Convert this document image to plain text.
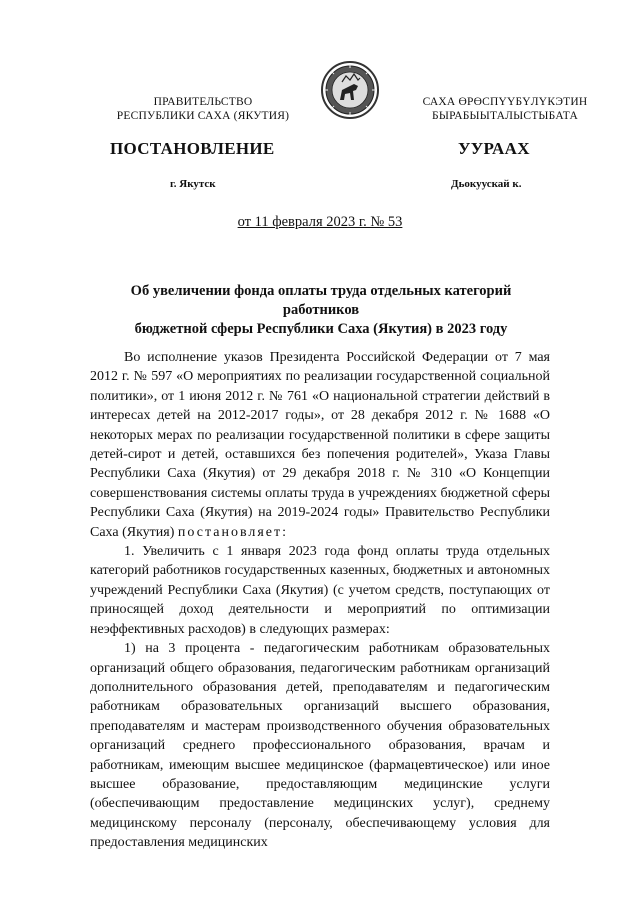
ПРАВИТЕЛЬСТВО
РЕСПУБЛИКИ САХА (ЯКУТИЯ)
САХА ӨРӨСПҮҮБҮЛҮКЭТИН
БЫРАБЫЫТАЛЫСТЫБАТА
ПОСТАНОВЛЕНИЕ	УУРААХ
г. Якутск	Дьокуускай к.
от 11 февраля 2023 г. № 53
Об увеличении фонда оплаты труда отдельных категорий работников
бюджетной сферы Республики Саха (Якутия) в 2023 году

Во исполнение указов Президента Российской Федерации от 7 мая 2012 г. № 597 «О мероприятиях по реализации государственной социальной политики», от 1 июня 2012 г. № 761 «О национальной стратегии действий в интересах детей на 2012-2017 годы», от 28 декабря 2012 г. № 1688 «О некоторых мерах по реализации государственной политики в сфере защиты детей-сирот и детей, оставшихся без попечения родителей», Указа Главы Республики Саха (Якутия) от 29 декабря 2018 г. № 310 «О Концепции совершенствования системы оплаты труда в учреждениях бюджетной сферы Республики Саха (Якутия) на 2019-2024 годы» Правительство Республики Саха (Якутия) постановляет:

1. Увеличить с 1 января 2023 года фонд оплаты труда отдельных категорий работников государственных казенных, бюджетных и автономных учреждений Республики Саха (Якутия) (с учетом средств, поступающих от приносящей доход деятельности и мероприятий по оптимизации неэффективных расходов) в следующих размерах:

1) на 3 процента - педагогическим работникам образовательных организаций общего образования, педагогическим работникам организаций дополнительного образования детей, преподавателям и педагогическим работникам образовательных организаций высшего образования, преподавателям и мастерам производственного обучения образовательных организаций среднего профессионального образования, врачам и работникам, имеющим высшее медицинское (фармацевтическое) или иное высшее образование, предоставляющим медицинские услуги (обеспечивающим предоставление медицинских услуг), среднему медицинскому персоналу (персоналу, обеспечивающему условия для предоставления медицинских
